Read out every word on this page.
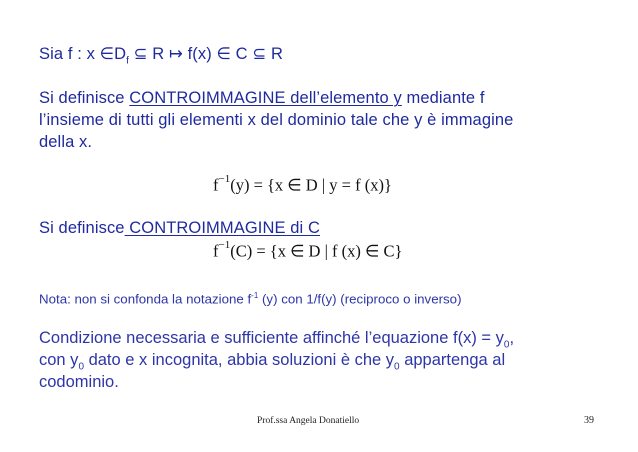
Sia f : x $\in D_f$ ⊆ R ↦ f(x) ∈ C ⊆ R
Si definisce CONTROIMMAGINE dell’elemento y mediante f
l’insieme di tutti gli elementi x del dominio tale che y è immagine
della x.
$f^{-1}(y) = \{x$ ∈ D | y = f (x)}
Si definisce CONTROIMMAGINE di C
$f^{-1}(C) = \{x$ ∈ D | f (x) ∈ C}
Nota: non si confonda la notazione $f^{-1}$ (y) con 1/f(y) (reciproco o inverso)
Condizione necessaria e sufficiente affinché l’equazione $f(x) = y_0$,
con $y_0$ dato e x incognita, abbia soluzioni è che $y_0$ appartenga al
codominio.
Prof.ssa Angela Donatiello	39
